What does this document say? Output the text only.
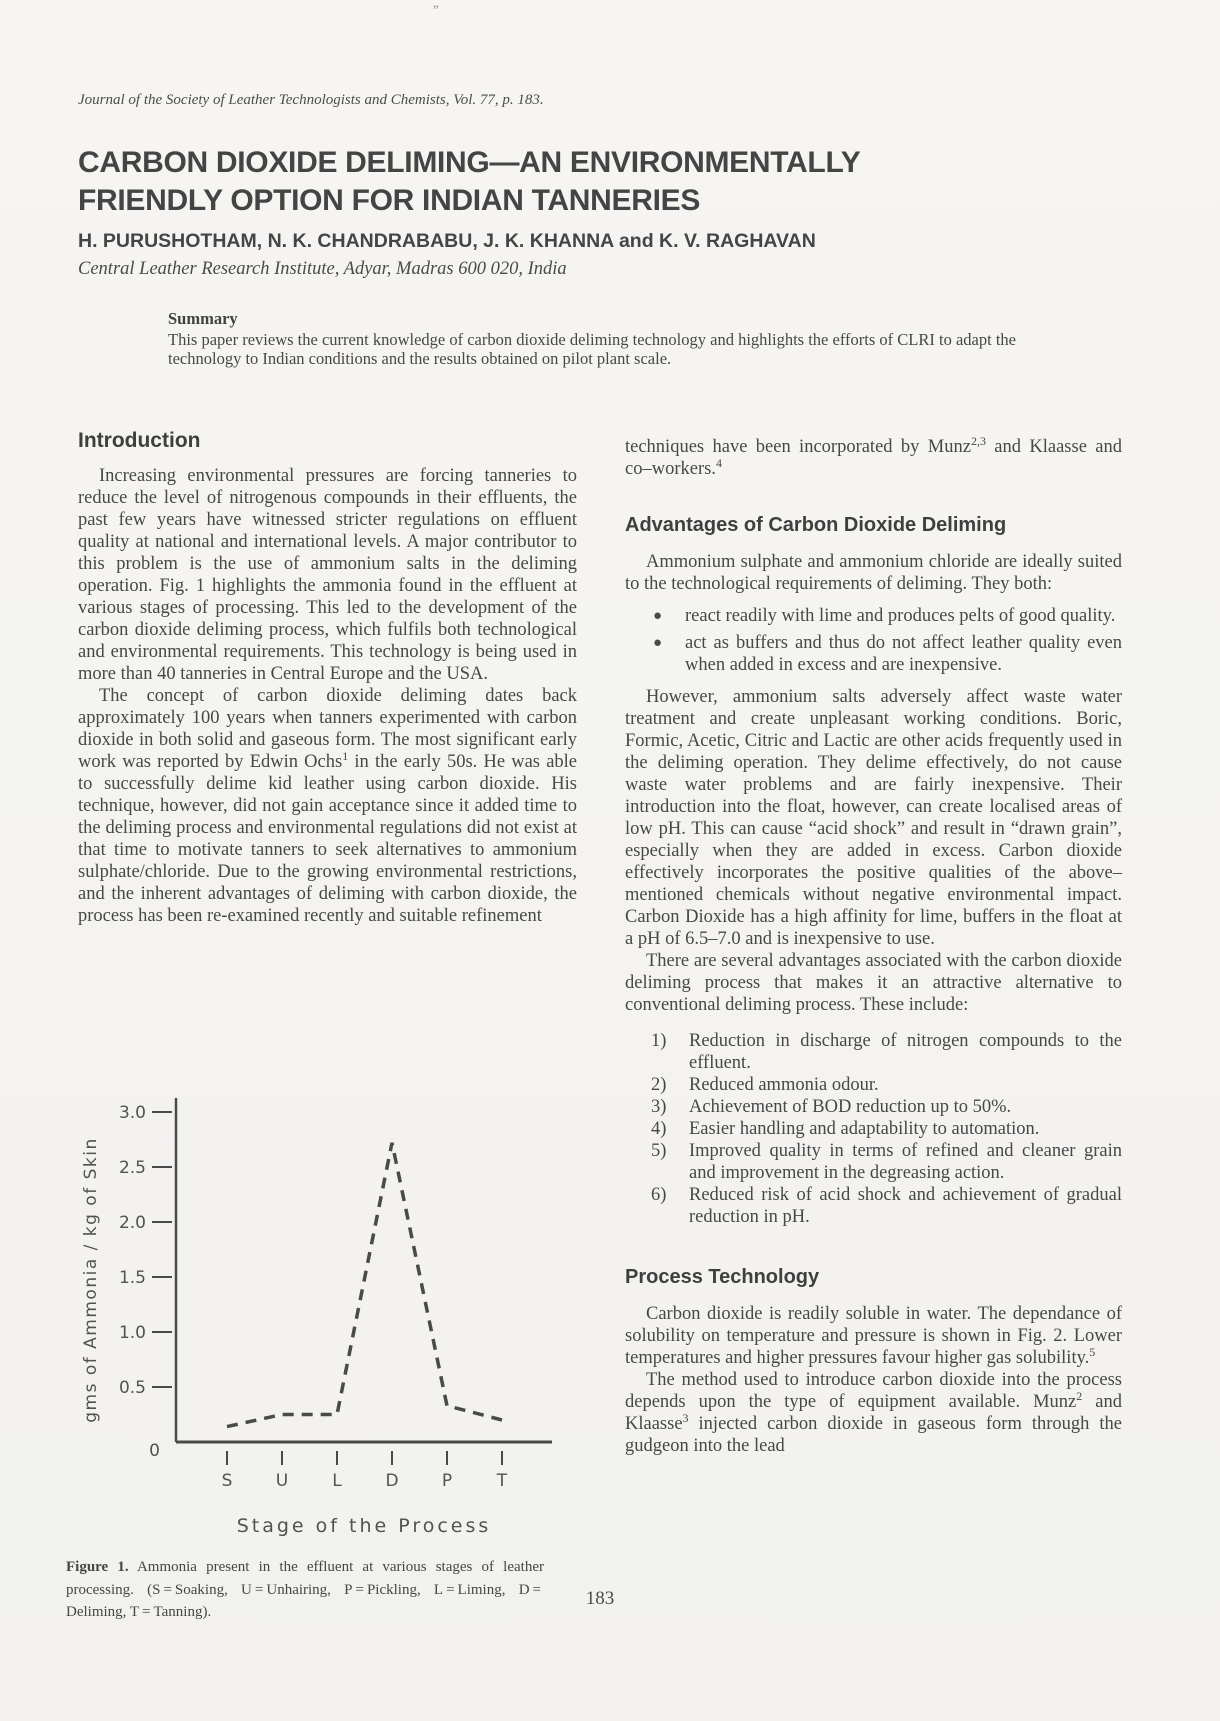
”
Journal of the Society of Leather Technologists and Chemists, Vol. 77, p. 183.
CARBON DIOXIDE DELIMING—AN ENVIRONMENTALLY
FRIENDLY OPTION FOR INDIAN TANNERIES
H. PURUSHOTHAM, N. K. CHANDRABABU, J. K. KHANNA and K. V. RAGHAVAN
Central Leather Research Institute, Adyar, Madras 600 020, India
Summary
This paper reviews the current knowledge of carbon dioxide deliming technology and highlights the efforts of CLRI to adapt the technology to Indian conditions and the results obtained on pilot plant scale.
Introduction

Increasing environmental pressures are forcing tanneries to reduce the level of nitrogenous compounds in their effluents, the past few years have witnessed stricter regulations on effluent quality at national and international levels. A major contributor to this problem is the use of ammonium salts in the deliming operation. Fig. 1 highlights the ammonia found in the effluent at various stages of processing. This led to the development of the carbon dioxide deliming process, which fulfils both technological and environmental requirements. This technology is being used in more than 40 tanneries in Central Europe and the USA.

The concept of carbon dioxide deliming dates back approximately 100 years when tanners experimented with carbon dioxide in both solid and gaseous form. The most significant early work was reported by Edwin Ochs$^1$ in the early 50s. He was able to successfully delime kid leather using carbon dioxide. His technique, however, did not gain acceptance since it added time to the deliming process and environmental regulations did not exist at that time to motivate tanners to seek alternatives to ammonium sulphate/chloride. Due to the growing environmental restrictions, and the inherent advantages of deliming with carbon dioxide, the process has been re-examined recently and suitable refinement

techniques have been incorporated by Munz$^{2,3}$ and Klaasse and co–workers.$^4$

Advantages of Carbon Dioxide Deliming

Ammonium sulphate and ammonium chloride are ideally suited to the technological requirements of deliming. They both:

●	react readily with lime and produces pelts of good quality.
●	act as buffers and thus do not affect leather quality even when added in excess and are inexpensive.

However, ammonium salts adversely affect waste water treatment and create unpleasant working conditions. Boric, Formic, Acetic, Citric and Lactic are other acids frequently used in the deliming operation. They delime effectively, do not cause waste water problems and are fairly inexpensive. Their introduction into the float, however, can create localised areas of low pH. This can cause “acid shock” and result in “drawn grain”, especially when they are added in excess. Carbon dioxide effectively incorporates the positive qualities of the above–mentioned chemicals without negative environmental impact. Carbon Dioxide has a high affinity for lime, buffers in the float at a pH of 6.5–7.0 and is inexpensive to use.

There are several advantages associated with the carbon dioxide deliming process that makes it an attractive alternative to conventional deliming process. These include:

1)	Reduction in discharge of nitrogen compounds to the effluent.
2)	Reduced ammonia odour.
3)	Achievement of BOD reduction up to 50%.
4)	Easier handling and adaptability to automation.
5)	Improved quality in terms of refined and cleaner grain and improvement in the degreasing action.
6)	Reduced risk of acid shock and achievement of gradual reduction in pH.
Process Technology

Carbon dioxide is readily soluble in water. The dependance of solubility on temperature and pressure is shown in Fig. 2. Lower temperatures and higher pressures favour higher gas solubility.$^5$

The method used to introduce carbon dioxide into the process depends upon the type of equipment available. Munz$^2$ and Klaasse$^3$ injected carbon dioxide in gaseous form through the gudgeon into the lead

0.5
1.0
1.5
2.0
2.5
3.0
0
S	U	L	D	P	T
Stage of the Process
gms of Ammonia / kg of Skin
Figure 1. Ammonia present in the effluent at various stages of leather processing. (S = Soaking, U = Unhairing, P = Pickling, L = Liming, D = Deliming, T = Tanning).
183
